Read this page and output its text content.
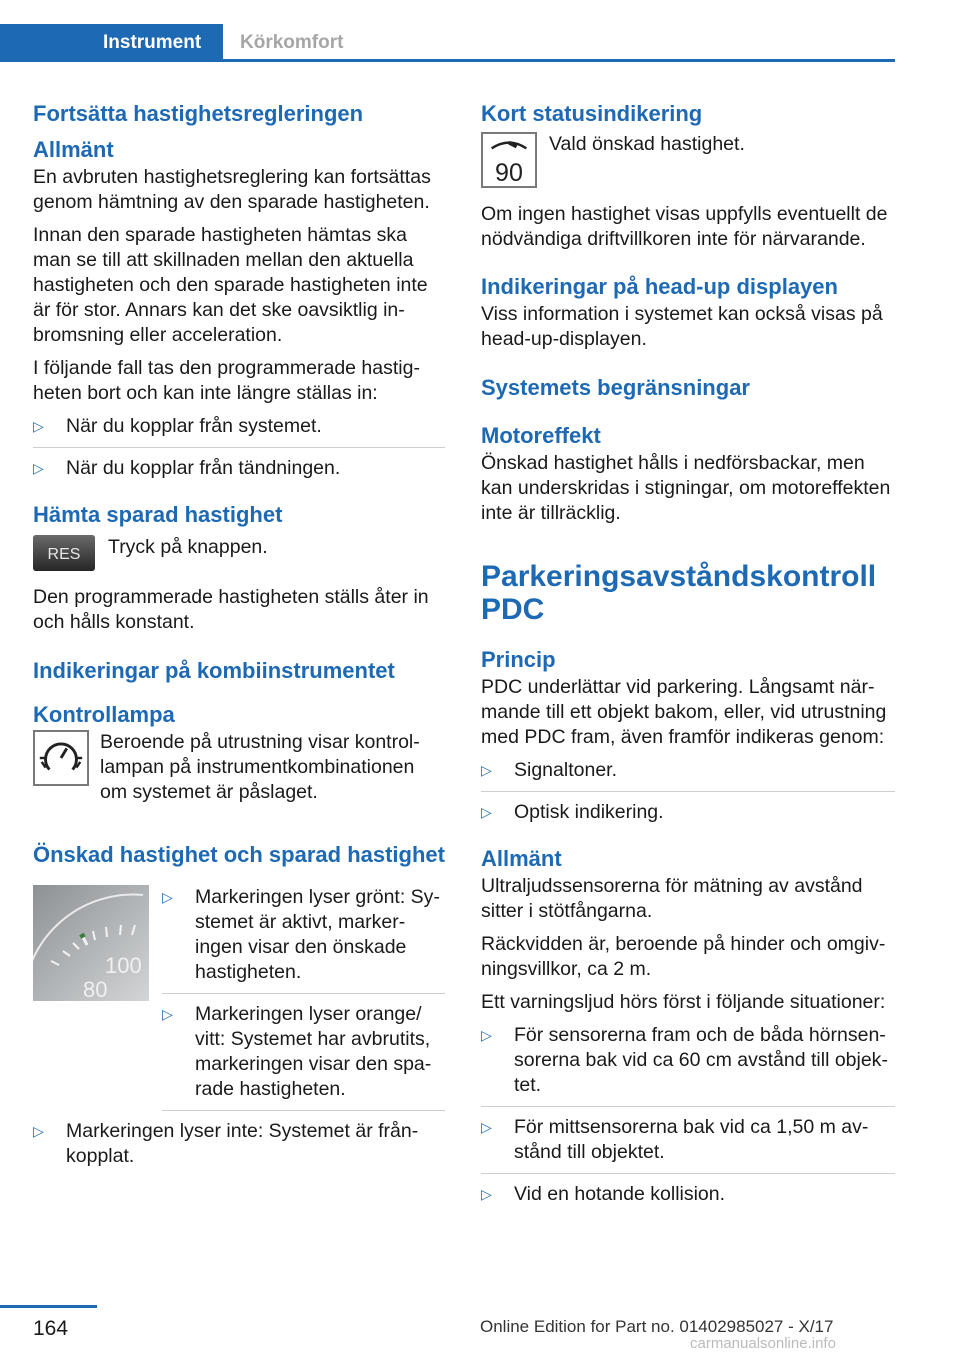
Instrument	Körkomfort
Fortsätta hastighetsregleringen
Allmänt

En avbruten hastighetsreglering kan fortsättas genom hämtning av den sparade hastigheten.

Innan den sparade hastigheten hämtas ska man se till att skillnaden mellan den aktuella hastigheten och den sparade hastigheten inte är för stor. Annars kan det ske oavsiktlig inbromsning eller acceleration.

I följande fall tas den programmerade hastigheten bort och kan inte längre ställas in:

▷ När du kopplar från systemet.
▷ När du kopplar från tändningen.
Hämta sparad hastighet
RES Tryck på knappen.

Den programmerade hastigheten ställs åter in och hålls konstant.

Indikeringar på kombiinstrumentet
Kontrollampa
Beroende på utrustning visar kontrollampan på instrumentkombinationen om systemet är påslaget.
Önskad hastighet och sparad hastighet
100
80
▷ Markeringen lyser grönt: Systemet är aktivt, markeringen visar den önskade hastigheten.
▷ Markeringen lyser orange/ vitt: Systemet har avbrutits, markeringen visar den sparade hastigheten.
▷ Markeringen lyser inte: Systemet är frånkopplat.
Kort statusindikering
90
Vald önskad hastighet.

Om ingen hastighet visas uppfylls eventuellt de nödvändiga driftvillkoren inte för närvarande.

Indikeringar på head-up displayen

Viss information i systemet kan också visas på head-up-displayen.

Systemets begränsningar
Motoreffekt

Önskad hastighet hålls i nedförsbackar, men kan underskridas i stigningar, om motoreffekten inte är tillräcklig.

Parkeringsavståndskontroll PDC
Princip

PDC underlättar vid parkering. Långsamt närmande till ett objekt bakom, eller, vid utrustning med PDC fram, även framför indikeras genom:

▷ Signaltoner.
▷ Optisk indikering.
Allmänt

Ultraljudssensorerna för mätning av avstånd sitter i stötfångarna.

Räckvidden är, beroende på hinder och omgivningsvillkor, ca 2 m.

Ett varningsljud hörs först i följande situationer:

▷ För sensorerna fram och de båda hörnsensorerna bak vid ca 60 cm avstånd till objektet.
▷ För mittsensorerna bak vid ca 1,50 m avstånd till objektet.
▷ Vid en hotande kollision.
164	Online Edition for Part no. 01402985027 - X/17
carmanualsonline.info
